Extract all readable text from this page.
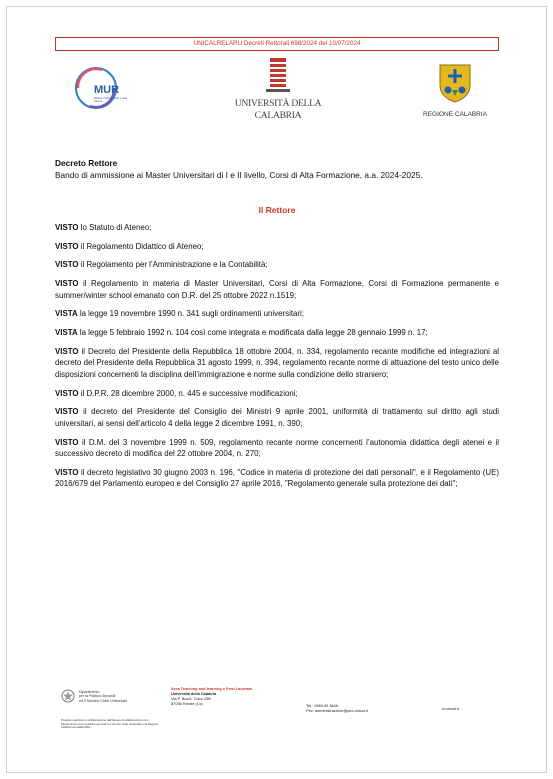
UNICALRELARU Decreti Rettorali 698/2024 del 10/07/2024
MUR
Ministero dell'Università e della Ricerca	UNIVERSITÀ DELLA
CALABRIA	REGIONE CALABRIA
Decreto Rettore
Bando di ammissione ai Master Universitari di I e II livello, Corsi di Alta Formazione, a.a. 2024-2025.
Il Rettore

VISTO lo Statuto di Ateneo;

VISTO il Regolamento Didattico di Ateneo;

VISTO il Regolamento per l’Amministrazione e la Contabilità;

VISTO il Regolamento in materia di Master Universitari, Corsi di Alta Formazione, Corsi di Formazione permanente e summer/winter school emanato con D.R. del 25 ottobre 2022 n.1519;

VISTA la legge 19 novembre 1990 n. 341 sugli ordinamenti universitari;

VISTA la legge 5 febbraio 1992 n. 104 così come integrata e modificata dalla legge 28 gennaio 1999 n. 17;

VISTO il Decreto del Presidente della Repubblica 18 ottobre 2004, n. 334, regolamento recante modifiche ed integrazioni al decreto del Presidente della Repubblica 31 agosto 1999, n. 394, regolamento recante norme di attuazione del testo unico delle disposizioni concernenti la disciplina dell’immigrazione e norme sulla condizione dello straniero;

VISTO il D.P.R. 28 dicembre 2000, n. 445 e successive modificazioni;

VISTO il decreto del Presidente del Consiglio dei Ministri 9 aprile 2001, uniformità di trattamento sul diritto agli studi universitari, ai sensi dell’articolo 4 della legge 2 dicembre 1991, n. 390;

VISTO il D.M. del 3 novembre 1999 n. 509, regolamento recante norme concernenti l’autonomia didattica degli atenei e il successivo decreto di modifica del 22 ottobre 2004, n. 270;

VISTO il decreto legislativo 30 giugno 2003 n. 196, "Codice in materia di protezione dei dati personali", e il Regolamento (UE) 2016/679 del Parlamento europeo e del Consiglio 27 aprile 2016, "Regolamento generale sulla protezione dei dati";

Dipartimento
per la Politica Giovanili
ed il Servizio Civile Universale
Progetto realizzato in collaborazione dell'Ateneo di collaborazione tra il Dipartimento per le politiche giovanili e il servizio civile universale e la Regione Calabria annualità 2022
Area Teaching and learning e Post-Lauream
Università della Calabria
Via P. Bucci, Cubo 25B
87036 Rende (Cs)	Tel.: 0984.49 3846
Pec: amministrazione@pec.unical.it	w.unical.it
